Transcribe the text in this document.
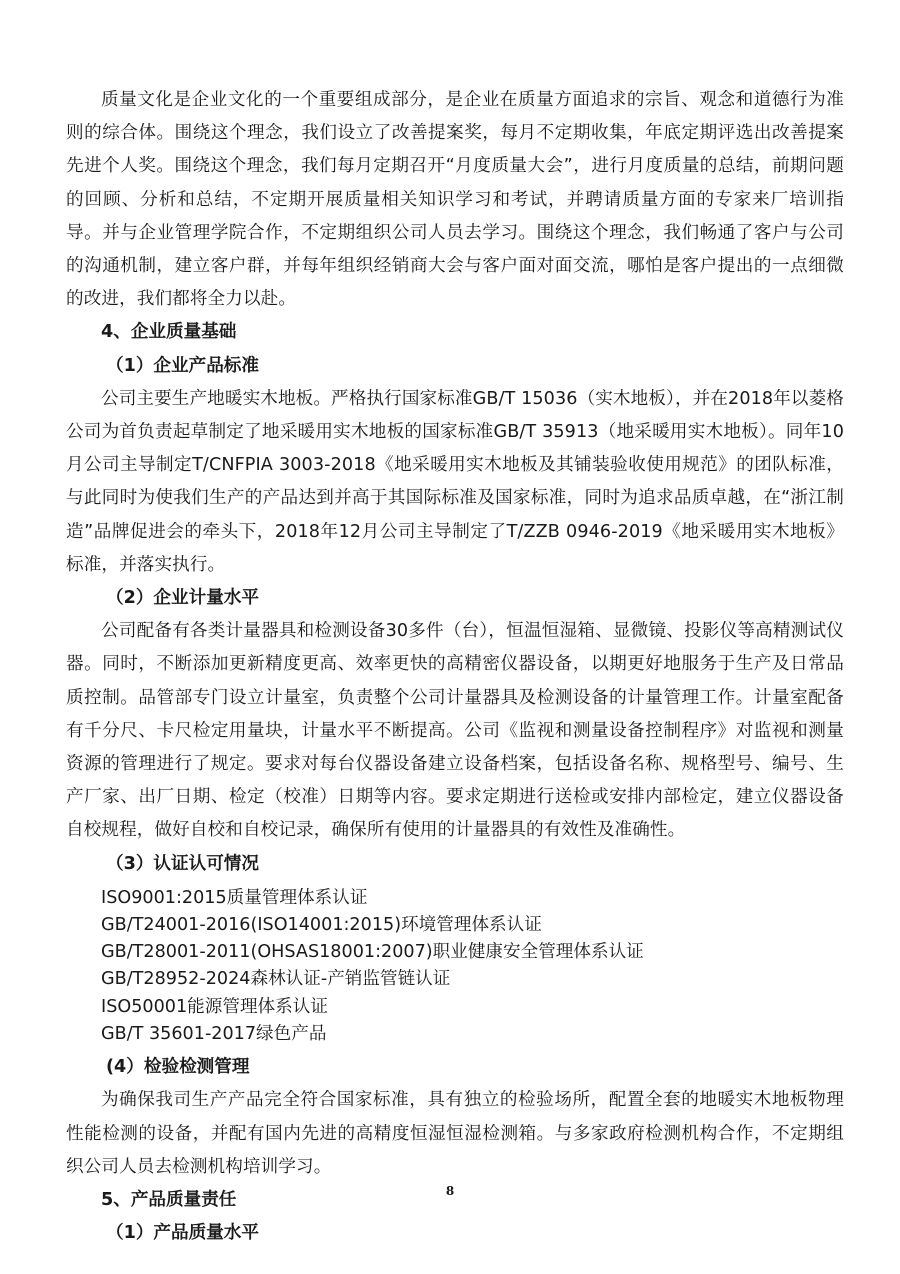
质量文化是企业文化的一个重要组成部分，是企业在质量方面追求的宗旨、观念和道德行为准则的综合体。围绕这个理念，我们设立了改善提案奖，每月不定期收集，年底定期评选出改善提案先进个人奖。围绕这个理念，我们每月定期召开“月度质量大会”，进行月度质量的总结，前期问题的回顾、分析和总结，不定期开展质量相关知识学习和考试，并聘请质量方面的专家来厂培训指导。并与企业管理学院合作，不定期组织公司人员去学习。围绕这个理念，我们畅通了客户与公司的沟通机制，建立客户群，并每年组织经销商大会与客户面对面交流，哪怕是客户提出的一点细微的改进，我们都将全力以赴。

4、企业质量基础

（1）企业产品标准

公司主要生产地暖实木地板。严格执行国家标准GB/T 15036（实木地板），并在2018年以菱格公司为首负责起草制定了地采暖用实木地板的国家标准GB/T 35913（地采暖用实木地板）。同年10月公司主导制定T/CNFPIA 3003-2018《地采暖用实木地板及其铺装验收使用规范》的团队标准，与此同时为使我们生产的产品达到并高于其国际标准及国家标准，同时为追求品质卓越，在“浙江制造”品牌促进会的牵头下，2018年12月公司主导制定了T/ZZB 0946-2019《地采暖用实木地板》标准，并落实执行。

（2）企业计量水平

公司配备有各类计量器具和检测设备30多件（台），恒温恒湿箱、显微镜、投影仪等高精测试仪器。同时，不断添加更新精度更高、效率更快的高精密仪器设备，以期更好地服务于生产及日常品质控制。品管部专门设立计量室，负责整个公司计量器具及检测设备的计量管理工作。计量室配备有千分尺、卡尺检定用量块，计量水平不断提高。公司《监视和测量设备控制程序》对监视和测量资源的管理进行了规定。要求对每台仪器设备建立设备档案，包括设备名称、规格型号、编号、生产厂家、出厂日期、检定（校准）日期等内容。要求定期进行送检或安排内部检定，建立仪器设备自校规程，做好自校和自校记录，确保所有使用的计量器具的有效性及准确性。

（3）认证认可情况

ISO9001:2015质量管理体系认证
GB/T24001-2016(ISO14001:2015)环境管理体系认证
GB/T28001-2011(OHSAS18001:2007)职业健康安全管理体系认证
GB/T28952-2024森林认证-产销监管链认证
ISO50001能源管理体系认证
GB/T 35601-2017绿色产品

(4）检验检测管理

为确保我司生产产品完全符合国家标准，具有独立的检验场所，配置全套的地暖实木地板物理性能检测的设备，并配有国内先进的高精度恒湿恒湿检测箱。与多家政府检测机构合作，不定期组织公司人员去检测机构培训学习。

5、产品质量责任

（1）产品质量水平

8
